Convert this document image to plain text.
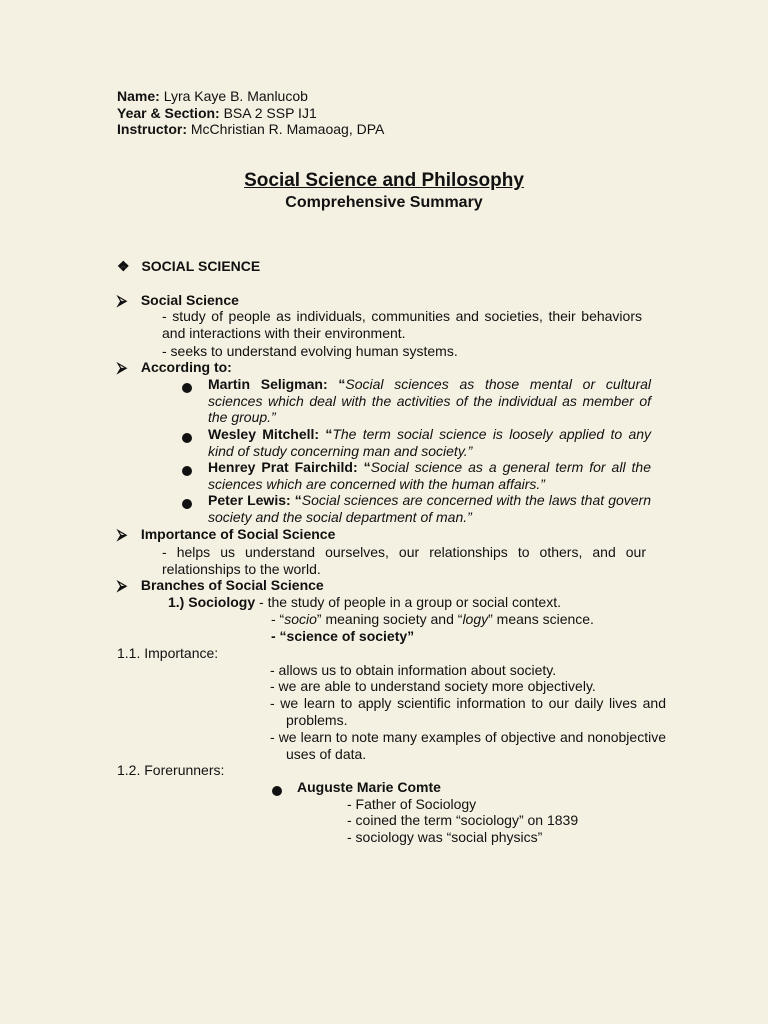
Name: Lyra Kaye B. Manlucob
Year & Section: BSA 2 SSP IJ1
Instructor: McChristian R. Mamaoag, DPA
Social Science and Philosophy
Comprehensive Summary
❖ SOCIAL SCIENCE
⮚ Social Science
- study of people as individuals, communities and societies, their behaviors and interactions with their environment.
- seeks to understand evolving human systems.
⮚ According to:
Martin Seligman: “Social sciences as those mental or cultural sciences which deal with the activities of the individual as member of the group.”
Wesley Mitchell: “The term social science is loosely applied to any kind of study concerning man and society.”
Henrey Prat Fairchild: “Social science as a general term for all the sciences which are concerned with the human affairs.”
Peter Lewis: “Social sciences are concerned with the laws that govern society and the social department of man.”
⮚ Importance of Social Science
- helps us understand ourselves, our relationships to others, and our relationships to the world.
⮚ Branches of Social Science
1.) Sociology - the study of people in a group or social context.
- “socio” meaning society and “logy” means science.
- “science of society”
1.1. Importance:
- allows us to obtain information about society.
- we are able to understand society more objectively.
- we learn to apply scientific information to our daily lives and problems.
- we learn to note many examples of objective and nonobjective uses of data.
1.2. Forerunners:
Auguste Marie Comte
- Father of Sociology
- coined the term “sociology” on 1839
- sociology was “social physics”
